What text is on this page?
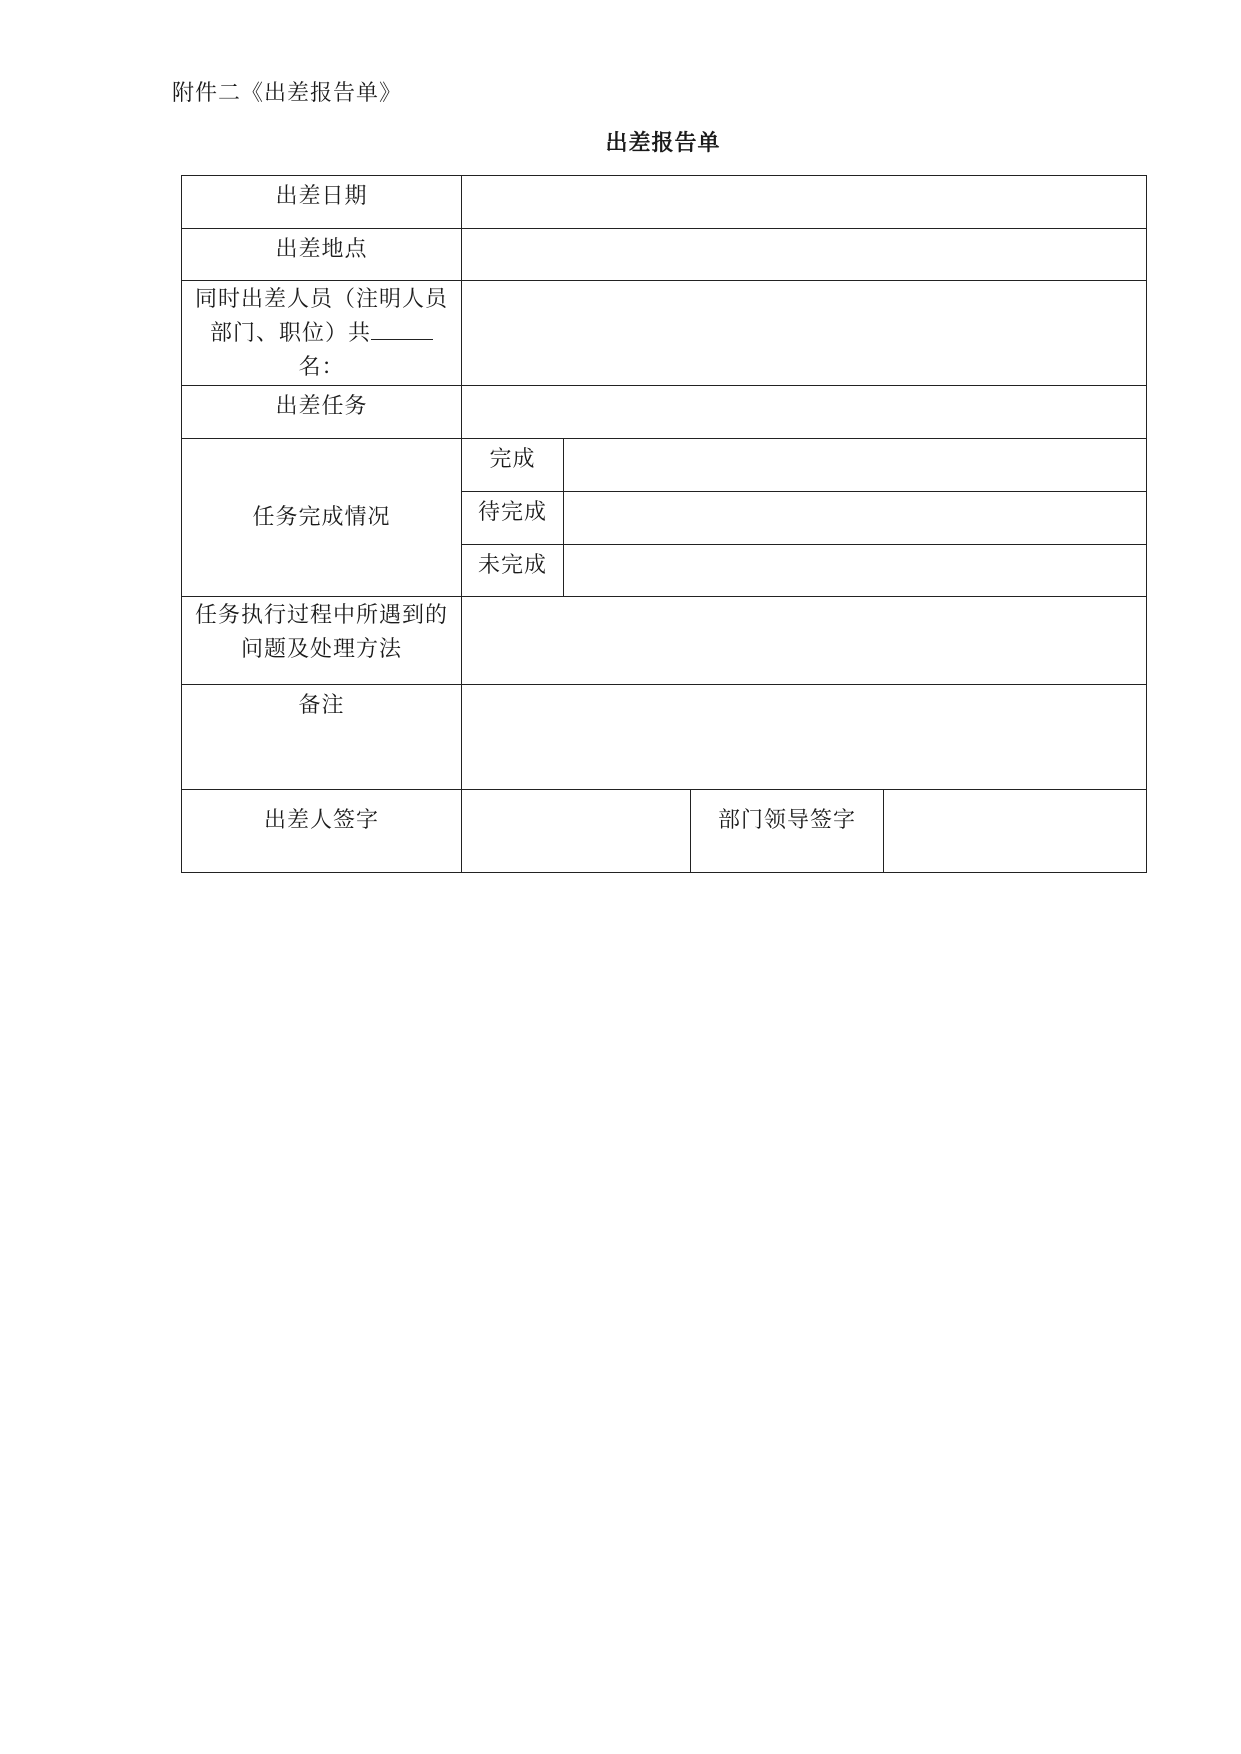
附件二《出差报告单》
出差报告单
出差日期				
出差地点				

同时出差人员（注明人员
部门、职位）共名：				

出差任务				
任务完成情况	完成			
	待完成			
	未完成			

任务执行过程中所遇到的
问题及处理方法				

备注				
出差人签字			部门领导签字	
